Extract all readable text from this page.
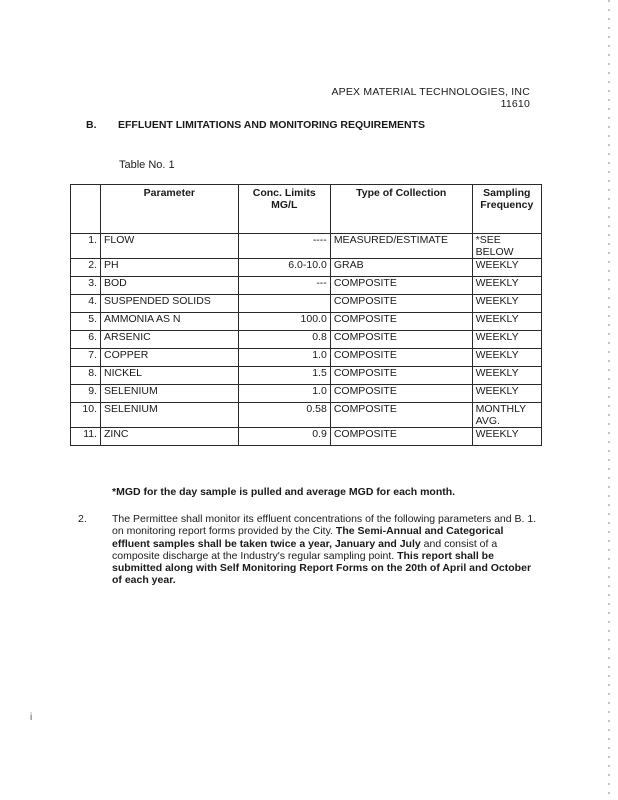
APEX MATERIAL TECHNOLOGIES, INC
11610
B. EFFLUENT LIMITATIONS AND MONITORING REQUIREMENTS
Table No. 1
	Parameter	Conc. Limits MG/L	Type of Collection	Sampling Frequency
1.	FLOW	----	MEASURED/ESTIMATE	*SEE BELOW
2.	PH	6.0-10.0	GRAB	WEEKLY
3.	BOD	---	COMPOSITE	WEEKLY
4.	SUSPENDED SOLIDS		COMPOSITE	WEEKLY
5.	AMMONIA AS N	100.0	COMPOSITE	WEEKLY
6.	ARSENIC	0.8	COMPOSITE	WEEKLY
7.	COPPER	1.0	COMPOSITE	WEEKLY
8.	NICKEL	1.5	COMPOSITE	WEEKLY
9.	SELENIUM	1.0	COMPOSITE	WEEKLY
10.	SELENIUM	0.58	COMPOSITE	MONTHLY AVG.
11.	ZINC	0.9	COMPOSITE	WEEKLY
*MGD for the day sample is pulled and average MGD for each month.
2. The Permittee shall monitor its effluent concentrations of the following parameters and B. 1. on monitoring report forms provided by the City. The Semi-Annual and Categorical effluent samples shall be taken twice a year, January and July and consist of a composite discharge at the Industry's regular sampling point. This report shall be submitted along with Self Monitoring Report Forms on the 20th of April and October of each year.
i
